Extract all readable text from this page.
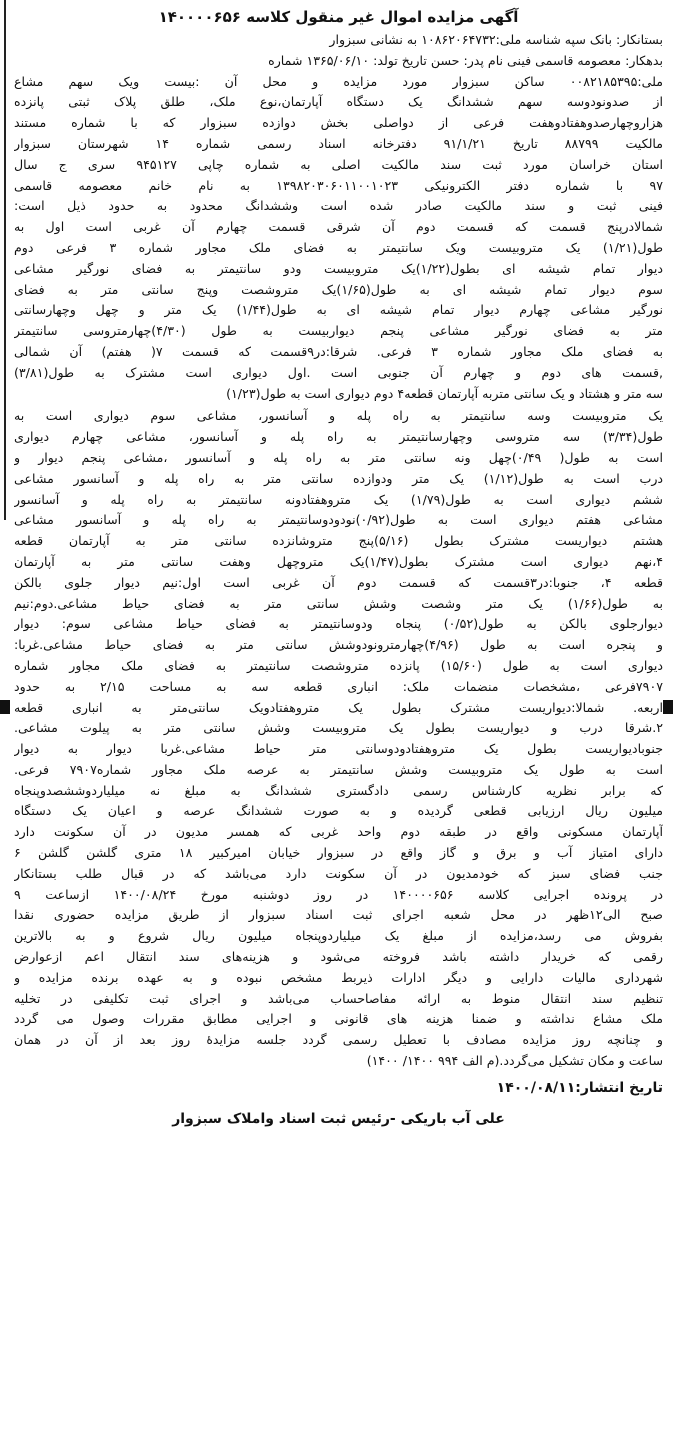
آگهی مزایده اموال غیر منقول کلاسه ۱۴۰۰۰۰۶۵۶
بستانکار: بانک سپه شناسه ملی:۱۰۸۶۲۰۶۴۷۳۲ به نشانی سبزوار
بدهکار: معصومه قاسمی فینی نام پدر: حسن تاریخ تولد: ۱۳۶۵/۰۶/۱۰ شماره
ملی:۰۰۸۲۱۸۵۳۹۵ ساکن سبزوار مورد مزایده و محل آن :بیست ویک سهم مشاع
از صدونودوسه سهم ششدانگ یک دستگاه آپارتمان،نوع ملک، طلق پلاک ثبتی پانزده
هزاروچهارصدوهفتادوهفت فرعی از دواصلی بخش دوازده سبزوار که با شماره مستند
مالکیت ۸۸۷۹۹ تاریخ ۹۱/۱/۲۱ دفترخانه اسناد رسمی شماره ۱۴ شهرستان سبزوار
استان خراسان مورد ثبت سند مالکیت اصلی به شماره چاپی ۹۴۵۱۲۷ سری ج سال
۹۷ با شماره دفتر الکترونیکی ۱۳۹۸۲۰۳۰۶۰۱۱۰۰۱۰۲۳ به نام خانم معصومه قاسمی
فینی ثبت و سند مالکیت صادر شده است وششدانگ محدود به حدود ذیل است:
شمالادرپنج قسمت که قسمت دوم آن شرقی قسمت چهارم آن غربی است اول به
طول(۱/۲۱) یک متروبیست ویک سانتیمتر به فضای ملک مجاور شماره ۳ فرعی دوم
دیوار تمام شیشه ای بطول(۱/۲۲)یک متروبیست ودو سانتیمتر به فضای نورگیر مشاعی
سوم دیوار تمام شیشه ای به طول(۱/۶۵)یک متروشصت وپنج سانتی متر به فضای
نورگیر مشاعی چهارم دیوار تمام شیشه ای به طول(۱/۴۴) یک متر و چهل وچهارسانتی
متر به فضای نورگیر مشاعی پنجم دیواربیست به طول (۴/۳۰)چهارمتروسی سانتیمتر
به فضای ملک مجاور شماره ۳ فرعی. شرقا:در۹قسمت که قسمت ۷( هفتم) آن شمالی
,قسمت های دوم و چهارم آن جنوبی است .اول دیواری است مشترک به طول(۳/۸۱)
سه متر و هشتاد و یک سانتی متربه آپارتمان قطعه۴ دوم دیواری است به طول(۱/۲۳)
یک متروبیست وسه سانتیمتر به راه پله و آسانسور، مشاعی سوم دیواری است به
طول(۳/۳۴) سه متروسی وچهارسانتیمتر به راه پله و آسانسور، مشاعی چهارم دیواری
است به طول( ۰/۴۹)چهل ونه سانتی متر به راه پله و آسانسور ،مشاعی پنجم دیوار و
درب است به طول(۱/۱۲) یک متر ودوازده سانتی متر به راه پله و آسانسور مشاعی
ششم دیواری است به طول(۱/۷۹) یک متروهفتادونه سانتیمتر به راه پله و آسانسور
مشاعی هفتم دیواری است به طول(۰/۹۲)نودودوسانتیمتر به راه پله و آسانسور مشاعی
هشتم دیواریست مشترک بطول (۵/۱۶)پنج متروشانزده سانتی متر به آپارتمان قطعه
۴،نهم دیواری است مشترک بطول(۱/۴۷)یک متروچهل وهفت سانتی متر به آپارتمان
قطعه ۴، جنوبا:در۳قسمت که قسمت دوم آن غربی است اول:نیم دیوار جلوی بالکن
به طول(۱/۶۶) یک متر وشصت وشش سانتی متر به فضای حیاط مشاعی.دوم:نیم
دیوارجلوی بالکن به طول(۰/۵۲) پنجاه ودوسانتیمتر به فضای حیاط مشاعی سوم: دیوار
و پنجره است به طول (۴/۹۶)چهارمترونودوشش سانتی متر به فضای حیاط مشاعی.غربا:
دیواری است به طول (۱۵/۶۰) پانزده متروشصت سانتیمتر به فضای ملک مجاور شماره
۷۹۰۷فرعی ،مشخصات منضمات ملک: انباری قطعه سه به مساحت ۲/۱۵ به حدود
اربعه. شمالا:دیواریست مشترک بطول یک متروهفتادویک سانتی‌متر به انباری قطعه
۲.شرقا درب و دیواریست بطول یک متروبیست وشش سانتی متر به پیلوت مشاعی.
جنوبادیواریست بطول یک متروهفتادودوسانتی متر حیاط مشاعی.غربا دیوار به دیوار
است به طول یک متروبیست وشش سانتیمتر به عرصه ملک مجاور شماره۷۹۰۷ فرعی.
که برابر نظریه کارشناس رسمی دادگستری ششدانگ به مبلغ نه میلیاردوششصدوپنجاه
میلیون ریال ارزیابی قطعی گردیده و به صورت ششدانگ عرصه و اعیان یک دستگاه
آپارتمان مسکونی واقع در طبقه دوم واحد غربی که همسر مدیون در آن سکونت دارد
دارای امتیاز آب و برق و گاز واقع در سبزوار خیابان امیرکبیر ۱۸ متری گلشن گلشن ۶
جنب فضای سبز که خودمدیون در آن سکونت دارد می‌باشد که در قبال طلب بستانکار
در پرونده اجرایی کلاسه ۱۴۰۰۰۰۶۵۶ در روز دوشنبه مورخ ۱۴۰۰/۰۸/۲۴ ازساعت ۹
صبح الی۱۲ظهر در محل شعبه اجرای ثبت اسناد سبزوار از طریق مزایده حضوری نقدا
بفروش می رسد،مزایده از مبلغ یک میلیاردوپنجاه میلیون ریال شروع و به بالاترین
رقمی که خریدار داشته باشد فروخته می‌شود و هزینه‌های سند انتقال اعم ازعوارض
شهرداری مالیات دارایی و دیگر ادارات ذیربط مشخص نبوده و به عهده برنده مزایده و
تنظیم سند انتقال منوط به ارائه مفاصاحساب می‌باشد و اجرای ثبت تکلیفی در تخلیه
ملک مشاع نداشته و ضمنا هزینه های قانونی و اجرایی مطابق مقررات وصول می گردد
و چنانچه روز مزایده مصادف با تعطیل رسمی گردد جلسه مزایدهٔ روز بعد از آن در همان
ساعت و مکان تشکیل می‌گردد.(م الف ۹۹۴ ۱۴۰۰/ ۱۴۰۰)
تاریخ انتشار:۱۴۰۰/۰۸/۱۱
علی آب باریکی -رئیس ثبت اسناد واملاک سبزوار
